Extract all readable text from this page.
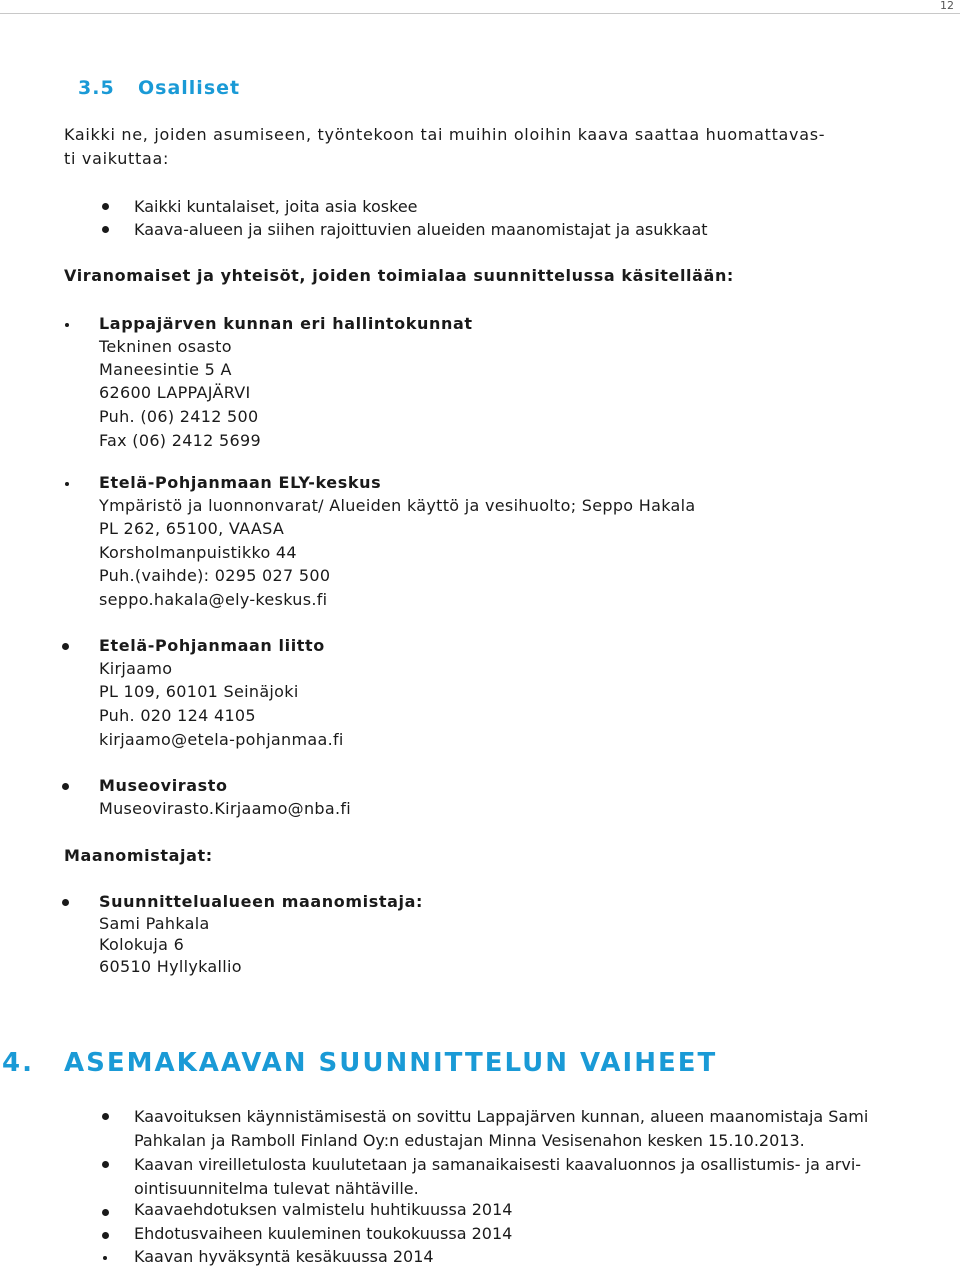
12
3.5 Osalliset
Kaikki ne, joiden asumiseen, työntekoon tai muihin oloihin kaava saattaa huomattavas-
ti vaikuttaa:
Kaikki kuntalaiset, joita asia koskee
Kaava-alueen ja siihen rajoittuvien alueiden maanomistajat ja asukkaat
Viranomaiset ja yhteisöt, joiden toimialaa suunnittelussa käsitellään:
Lappajärven kunnan eri hallintokunnat
Tekninen osasto
Maneesintie 5 A
62600 LAPPAJÄRVI
Puh. (06) 2412 500
Fax (06) 2412 5699
Etelä-Pohjanmaan ELY-keskus
Ympäristö ja luonnonvarat/ Alueiden käyttö ja vesihuolto; Seppo Hakala
PL 262, 65100, VAASA
Korsholmanpuistikko 44
Puh.(vaihde): 0295 027 500
seppo.hakala@ely-keskus.fi
Etelä-Pohjanmaan liitto
Kirjaamo
PL 109, 60101 Seinäjoki
Puh. 020 124 4105
kirjaamo@etela-pohjanmaa.fi
Museovirasto
Museovirasto.Kirjaamo@nba.fi
Maanomistajat:
Suunnittelualueen maanomistaja:
Sami Pahkala
Kolokuja 6
60510 Hyllykallio
4. ASEMAKAAVAN SUUNNITTELUN VAIHEET
Kaavoituksen käynnistämisestä on sovittu Lappajärven kunnan, alueen maanomistaja Sami
Pahkalan ja Ramboll Finland Oy:n edustajan Minna Vesisenahon kesken 15.10.2013.
Kaavan vireilletulosta kuulutetaan ja samanaikaisesti kaavaluonnos ja osallistumis- ja arvi-
ointisuunnitelma tulevat nähtäville.
Kaavaehdotuksen valmistelu huhtikuussa 2014
Ehdotusvaiheen kuuleminen toukokuussa 2014
Kaavan hyväksyntä kesäkuussa 2014
